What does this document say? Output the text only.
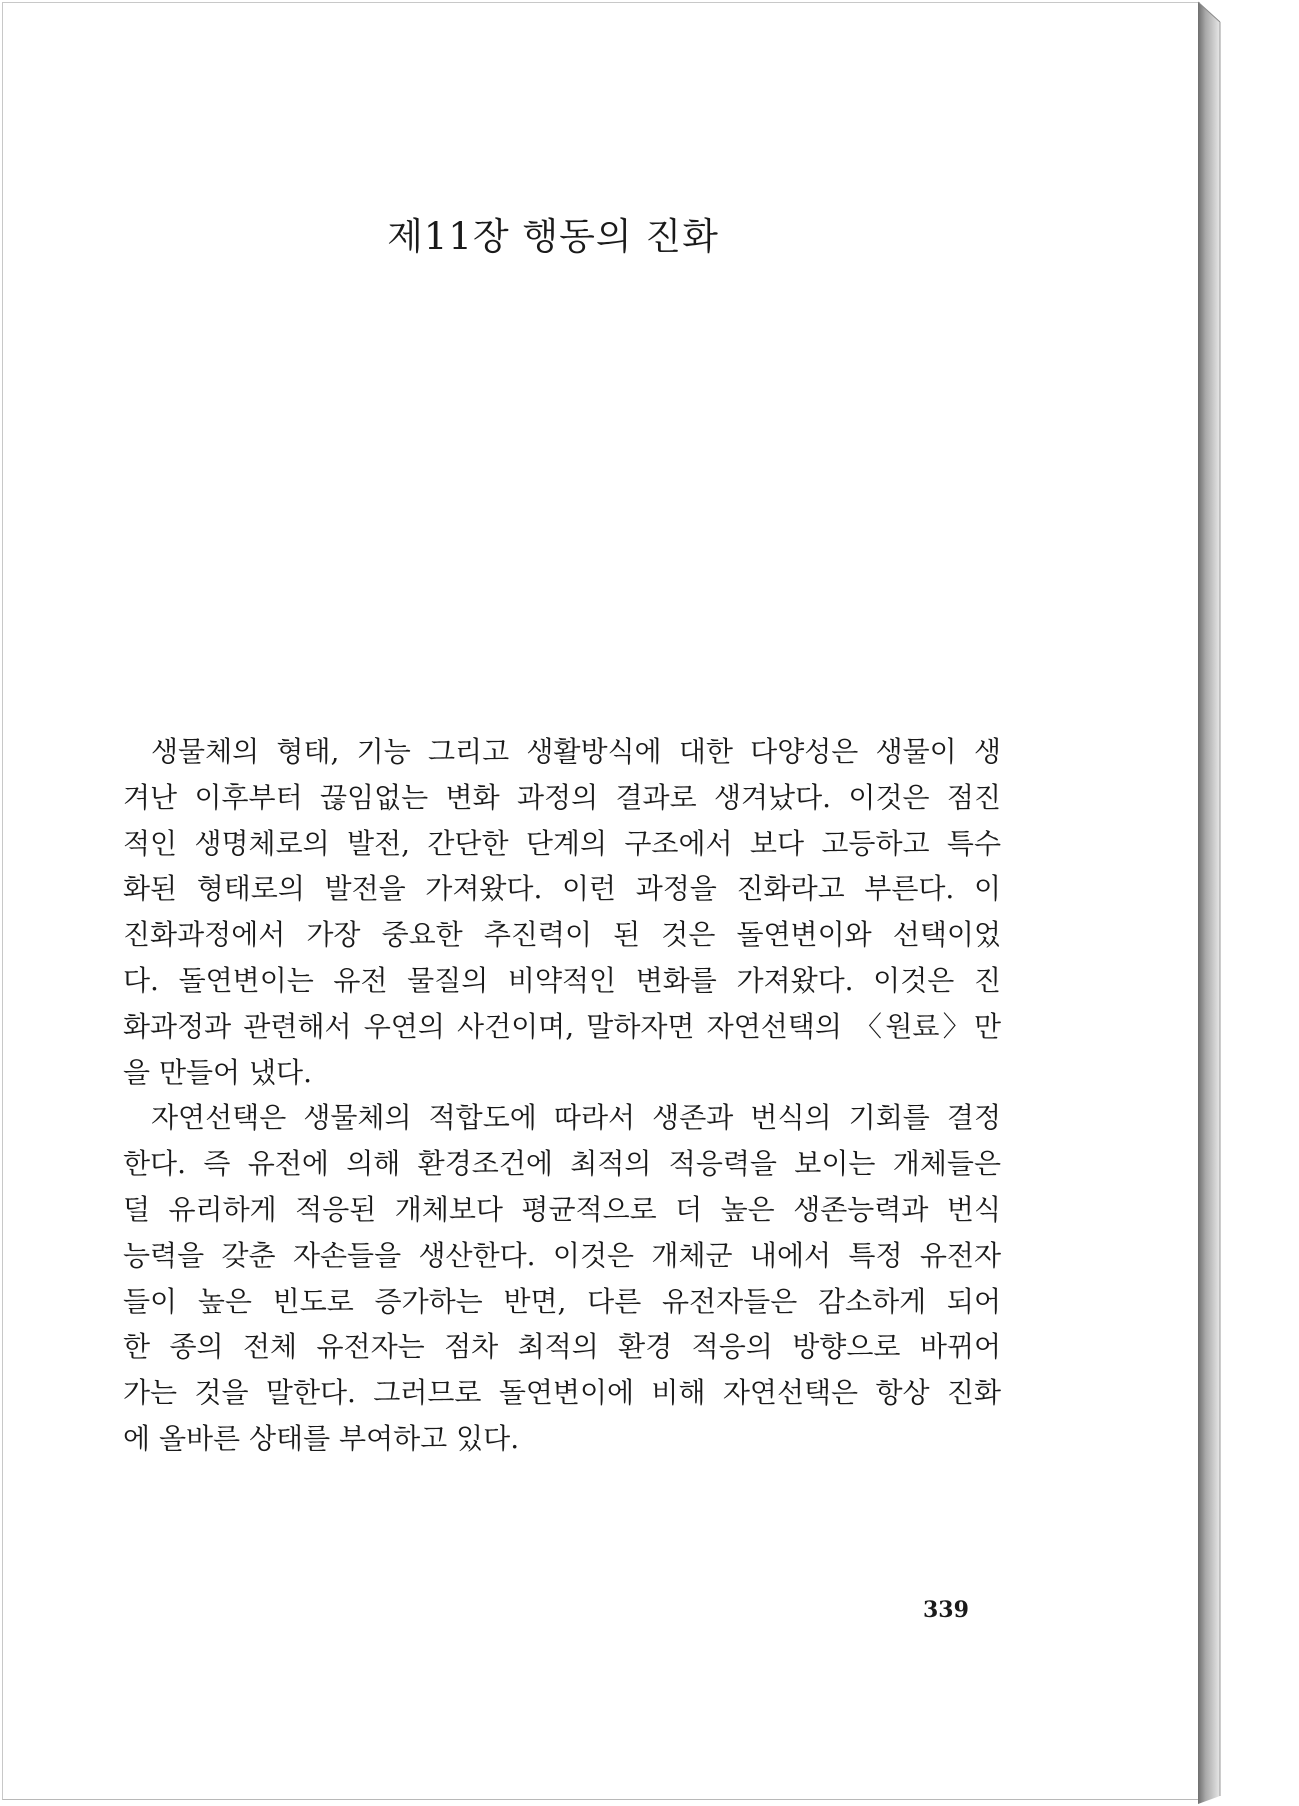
제11장 행동의 진화
생물체의 형태, 기능 그리고 생활방식에 대한 다양성은 생물이 생
겨난 이후부터 끊임없는 변화 과정의 결과로 생겨났다. 이것은 점진
적인 생명체로의 발전, 간단한 단계의 구조에서 보다 고등하고 특수
화된 형태로의 발전을 가져왔다. 이런 과정을 진화라고 부른다. 이
진화과정에서 가장 중요한 추진력이 된 것은 돌연변이와 선택이었
다. 돌연변이는 유전 물질의 비약적인 변화를 가져왔다. 이것은 진
화과정과 관련해서 우연의 사건이며, 말하자면 자연선택의 〈원료〉만
을 만들어 냈다.
자연선택은 생물체의 적합도에 따라서 생존과 번식의 기회를 결정
한다. 즉 유전에 의해 환경조건에 최적의 적응력을 보이는 개체들은
덜 유리하게 적응된 개체보다 평균적으로 더 높은 생존능력과 번식
능력을 갖춘 자손들을 생산한다. 이것은 개체군 내에서 특정 유전자
들이 높은 빈도로 증가하는 반면, 다른 유전자들은 감소하게 되어
한 종의 전체 유전자는 점차 최적의 환경 적응의 방향으로 바뀌어
가는 것을 말한다. 그러므로 돌연변이에 비해 자연선택은 항상 진화
에 올바른 상태를 부여하고 있다.
339
